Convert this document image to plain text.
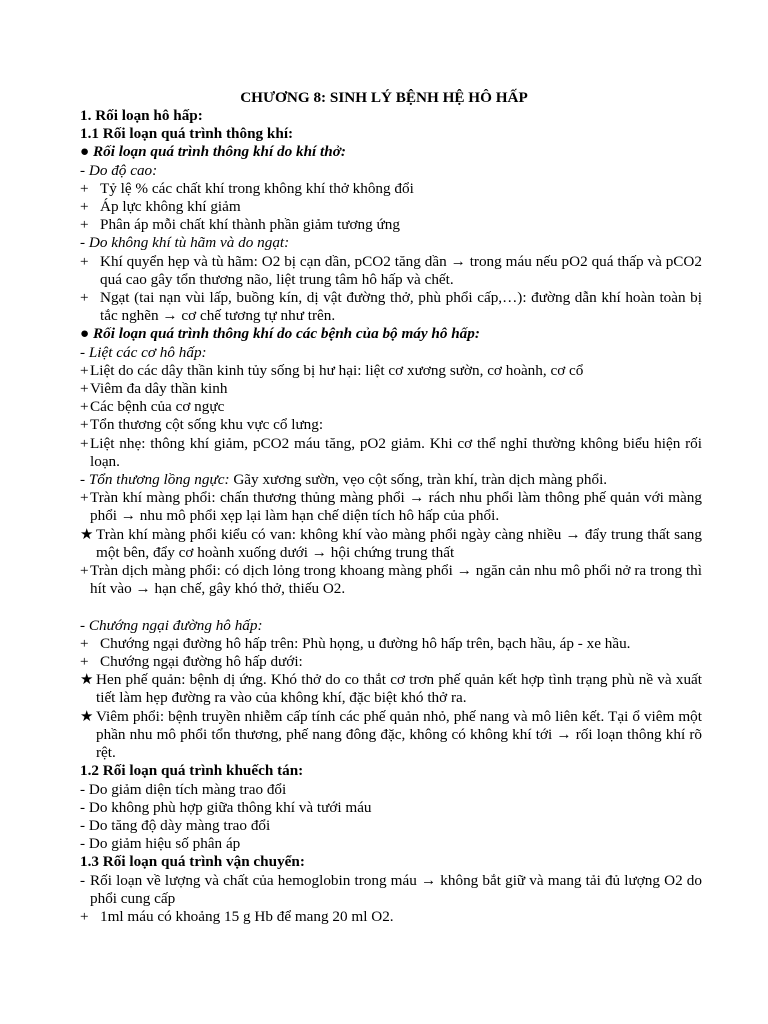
CHƯƠNG 8: SINH LÝ BỆNH HỆ HÔ HẤP
1. Rối loạn hô hấp:
1.1 Rối loạn quá trình thông khí:
● Rối loạn quá trình thông khí do khí thở:
- Do độ cao:
+ Tỷ lệ % các chất khí trong không khí thở không đổi
+ Áp lực không khí giảm
+ Phân áp mỗi chất khí thành phần giảm tương ứng
- Do không khí tù hãm và do ngạt:
+ Khí quyển hẹp và tù hãm: O2 bị cạn dần, pCO2 tăng dần → trong máu nếu pO2 quá thấp và pCO2 quá cao gây tổn thương não, liệt trung tâm hô hấp và chết.
+ Ngạt (tai nạn vùi lấp, buồng kín, dị vật đường thở, phù phổi cấp,…): đường dẫn khí hoàn toàn bị tắc nghẽn → cơ chế tương tự như trên.
● Rối loạn quá trình thông khí do các bệnh của bộ máy hô hấp:
- Liệt các cơ hô hấp:
+Liệt do các dây thần kinh tủy sống bị hư hại: liệt cơ xương sườn, cơ hoành, cơ cổ
+Viêm đa dây thần kinh
+Các bệnh của cơ ngực
+Tổn thương cột sống khu vực cổ lưng:
+Liệt nhẹ: thông khí giảm, pCO2 máu tăng, pO2 giảm. Khi cơ thể nghỉ thường không biểu hiện rối loạn.
- Tổn thương lồng ngực: Gãy xương sườn, vẹo cột sống, tràn khí, tràn dịch màng phổi.
+Tràn khí màng phổi: chấn thương thủng màng phổi → rách nhu phổi làm thông phế quản với màng phổi → nhu mô phổi xẹp lại làm hạn chế diện tích hô hấp của phổi.
★ Tràn khí màng phổi kiểu có van: không khí vào màng phổi ngày càng nhiều → đẩy trung thất sang một bên, đẩy cơ hoành xuống dưới → hội chứng trung thất
+Tràn dịch màng phổi: có dịch lỏng trong khoang màng phổi → ngăn cản nhu mô phổi nở ra trong thì hít vào → hạn chế, gây khó thở, thiếu O2.
- Chướng ngại đường hô hấp:
+ Chướng ngại đường hô hấp trên: Phù họng, u đường hô hấp trên, bạch hầu, áp - xe hầu.
+ Chướng ngại đường hô hấp dưới:
★ Hen phế quản: bệnh dị ứng. Khó thở do co thắt cơ trơn phế quản kết hợp tình trạng phù nề và xuất tiết làm hẹp đường ra vào của không khí, đặc biệt khó thở ra.
★ Viêm phổi: bệnh truyền nhiễm cấp tính các phế quản nhỏ, phế nang và mô liên kết. Tại ổ viêm một phần nhu mô phổi tổn thương, phế nang đông đặc, không có không khí tới → rối loạn thông khí rõ rệt.
1.2 Rối loạn quá trình khuếch tán:
- Do giảm diện tích màng trao đổi
- Do không phù hợp giữa thông khí và tưới máu
- Do tăng độ dày màng trao đổi
- Do giảm hiệu số phân áp
1.3 Rối loạn quá trình vận chuyển:
- Rối loạn về lượng và chất của hemoglobin trong máu → không bắt giữ và mang tải đủ lượng O2 do phổi cung cấp
+ 1ml máu có khoảng 15 g Hb để mang 20 ml O2.
